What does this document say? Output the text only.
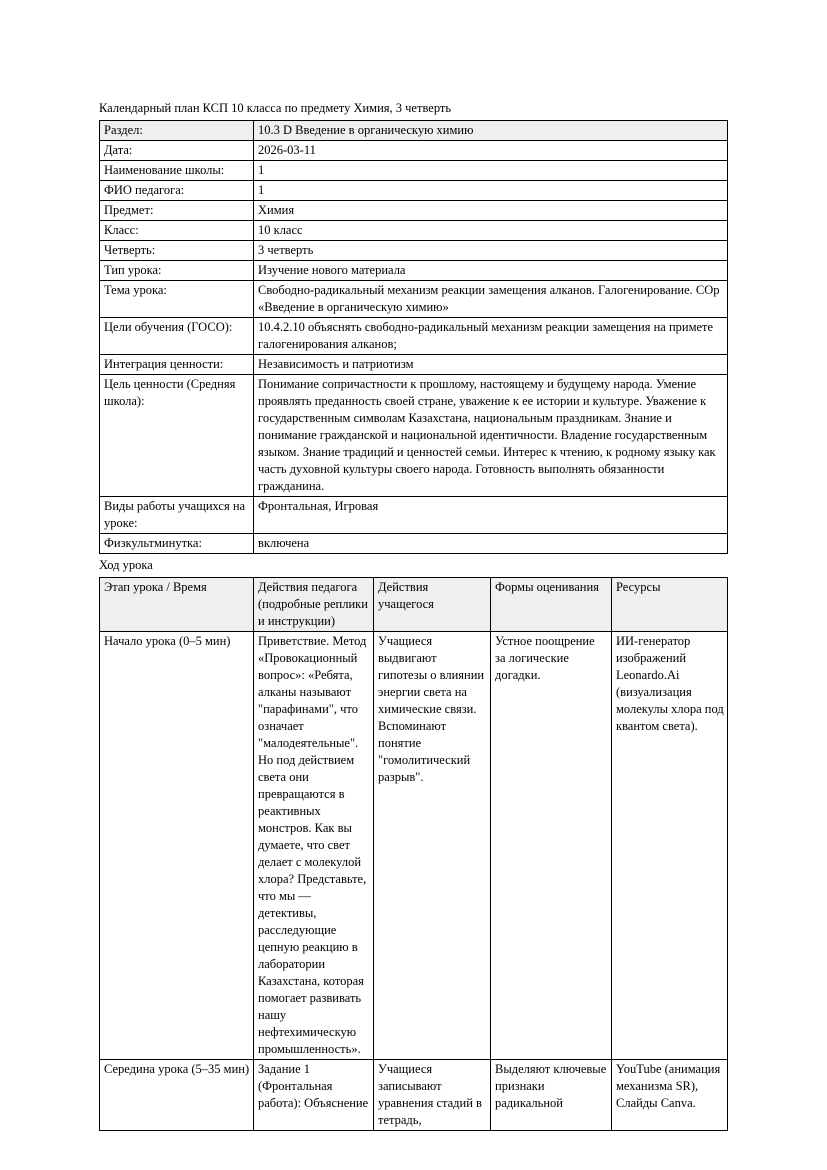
Календарный план КСП 10 класса по предмету Химия, 3 четверть
Раздел:	10.3 D Введение в органическую химию
Дата:	2026-03-11
Наименование школы:	1
ФИО педагога:	1
Предмет:	Химия
Класс:	10 класс
Четверть:	3 четверть
Тип урока:	Изучение нового материала
Тема урока:	Свободно-радикальный механизм реакции замещения алканов. Галогенирование. СОр «Введение в органическую химию»
Цели обучения (ГОСО):	10.4.2.10 объяснять свободно-радикальный механизм реакции замещения на примете галогенирования алканов;
Интеграция ценности:	Независимость и патриотизм
Цель ценности (Средняя школа):	Понимание сопричастности к прошлому, настоящему и будущему народа. Умение проявлять преданность своей стране, уважение к ее истории и культуре. Уважение к государственным символам Казахстана, национальным праздникам. Знание и понимание гражданской и национальной идентичности. Владение государственным языком. Знание традиций и ценностей семьи. Интерес к чтению, к родному языку как часть духовной культуры своего народа. Готовность выполнять обязанности гражданина.
Виды работы учащихся на уроке:	Фронтальная, Игровая
Физкультминутка:	включена
Ход урока
Этап урока / Время	Действия педагога (подробные реплики и инструкции)	Действия учащегося	Формы оценивания	Ресурсы
Начало урока (0–5 мин)	Приветствие. Метод «Провокационный вопрос»: «Ребята, алканы называют "парафинами", что означает "малодеятельные". Но под действием света они превращаются в реактивных монстров. Как вы думаете, что свет делает с молекулой хлора? Представьте, что мы — детективы, расследующие цепную реакцию в лаборатории Казахстана, которая помогает развивать нашу нефтехимическую промышленность».	Учащиеся выдвигают гипотезы о влиянии энергии света на химические связи. Вспоминают понятие "гомолитический разрыв".	Устное поощрение за логические догадки.	ИИ-генератор изображений Leonardo.Ai (визуализация молекулы хлора под квантом света).
Середина урока (5–35 мин)	Задание 1 (Фронтальная работа): Объяснение	Учащиеся записывают уравнения стадий в тетрадь,	Выделяют ключевые признаки радикальной	YouTube (анимация механизма SR), Слайды Canva.
